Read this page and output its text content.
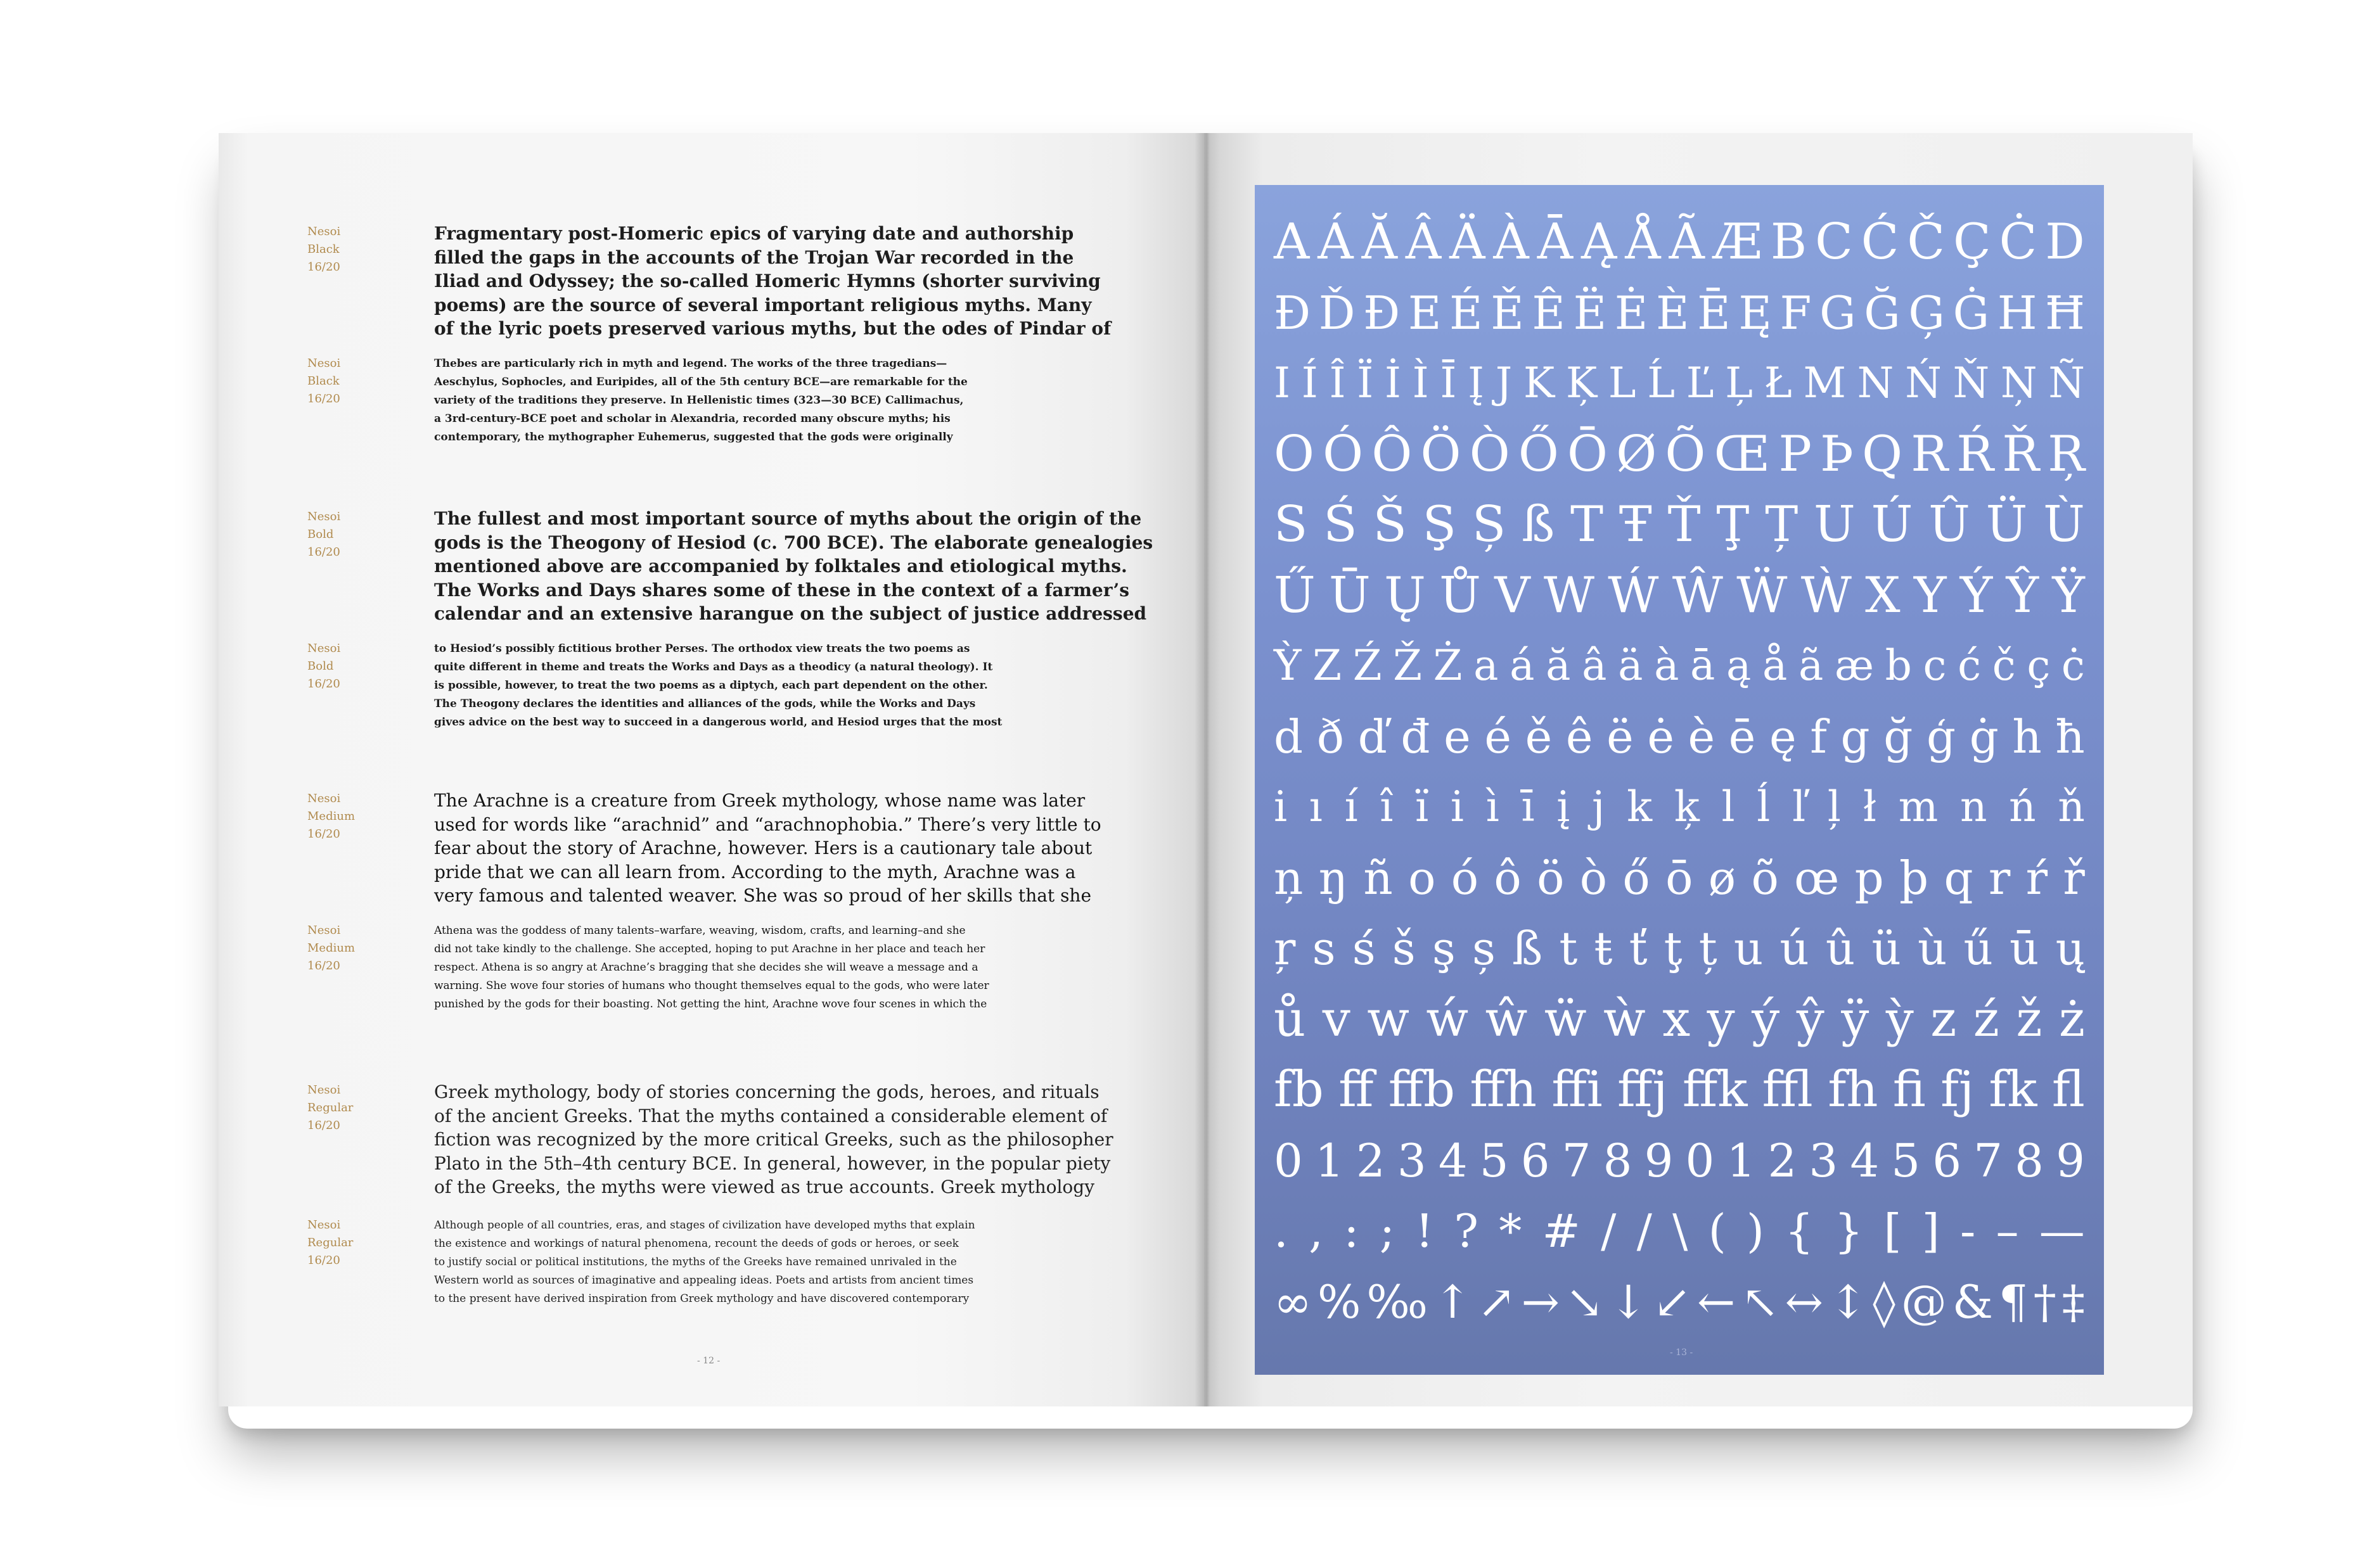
Nesoi
Black
16/20
Fragmentary post-Homeric epics of varying date and authorship
filled the gaps in the accounts of the Trojan War recorded in the
Iliad and Odyssey; the so-called Homeric Hymns (shorter surviving
poems) are the source of several important religious myths. Many
of the lyric poets preserved various myths, but the odes of Pindar of
Nesoi
Black
16/20
Thebes are particularly rich in myth and legend. The works of the three tragedians—
Aeschylus, Sophocles, and Euripides, all of the 5th century BCE—are remarkable for the
variety of the traditions they preserve. In Hellenistic times (323—30 BCE) Callimachus,
a 3rd-century-BCE poet and scholar in Alexandria, recorded many obscure myths; his
contemporary, the mythographer Euhemerus, suggested that the gods were originally
Nesoi
Bold
16/20
The fullest and most important source of myths about the origin of the
gods is the Theogony of Hesiod (c. 700 BCE). The elaborate genealogies
mentioned above are accompanied by folktales and etiological myths.
The Works and Days shares some of these in the context of a farmer’s
calendar and an extensive harangue on the subject of justice addressed
Nesoi
Bold
16/20
to Hesiod’s possibly fictitious brother Perses. The orthodox view treats the two poems as
quite different in theme and treats the Works and Days as a theodicy (a natural theology). It
is possible, however, to treat the two poems as a diptych, each part dependent on the other.
The Theogony declares the identities and alliances of the gods, while the Works and Days
gives advice on the best way to succeed in a dangerous world, and Hesiod urges that the most
Nesoi
Medium
16/20
The Arachne is a creature from Greek mythology, whose name was later
used for words like “arachnid” and “arachnophobia.” There’s very little to
fear about the story of Arachne, however. Hers is a cautionary tale about
pride that we can all learn from. According to the myth, Arachne was a
very famous and talented weaver. She was so proud of her skills that she
Nesoi
Medium
16/20
Athena was the goddess of many talents–warfare, weaving, wisdom, crafts, and learning–and she
did not take kindly to the challenge. She accepted, hoping to put Arachne in her place and teach her
respect. Athena is so angry at Arachne’s bragging that she decides she will weave a message and a
warning. She wove four stories of humans who thought themselves equal to the gods, who were later
punished by the gods for their boasting. Not getting the hint, Arachne wove four scenes in which the
Nesoi
Regular
16/20
Greek mythology, body of stories concerning the gods, heroes, and rituals
of the ancient Greeks. That the myths contained a considerable element of
fiction was recognized by the more critical Greeks, such as the philosopher
Plato in the 5th–4th century BCE. In general, however, in the popular piety
of the Greeks, the myths were viewed as true accounts. Greek mythology
Nesoi
Regular
16/20
Although people of all countries, eras, and stages of civilization have developed myths that explain
the existence and workings of natural phenomena, recount the deeds of gods or heroes, or seek
to justify social or political institutions, the myths of the Greeks have remained unrivaled in the
Western world as sources of imaginative and appealing ideas. Poets and artists from ancient times
to the present have derived inspiration from Greek mythology and have discovered contemporary
- 12 -
A Á Ă Â Ä À Ā Ą Å Ã Æ B C Ć Č Ç Ċ D
Đ Ď Đ E É Ě Ê Ë Ė È Ē Ę F G Ğ Ģ Ġ H Ħ
I Í Î Ï İ Ì Ī Į J K Ķ L Ĺ Ľ Ļ Ł M N Ń Ň Ņ Ñ
O Ó Ô Ö Ò Ő Ō Ø Õ Œ P Þ Q R Ŕ Ř Ŗ
S Ś Š Ş Ș ß T Ŧ Ť Ţ Ț U Ú Û Ü Ù
Ű Ū Ų Ů V W Ẃ Ŵ Ẅ Ẁ X Y Ý Ŷ Ÿ
Ỳ Z Ź Ž Ż a á ă â ä à ā ą å ã æ b c ć č ç ċ
d ð ď đ e é ě ê ë ė è ē ę f g ğ ģ ġ h ħ
i ı í î ï i ì ī į j k ķ l ĺ ľ ļ ł m n ń ň
ņ ŋ ñ o ó ô ö ò ő ō ø õ œ p þ q r ŕ ř
ŗ s ś š ş ș ß t ŧ ť ţ ț u ú û ü ù ű ū ų
ů v w ẃ ŵ ẅ ẁ x y ý ŷ ÿ ỳ z ź ž ż
fb ff ffb ffh ffi ffj ffk ffl fh fi fj fk fl
0 1 2 3 4 5 6 7 8 9 0 1 2 3 4 5 6 7 8 9
. , : ; ! ? * # / / \ ( ) { } [ ] - – —
∞ % ‰ ↑ ↗ → ↘ ↓ ↙ ← ↖ ↔ ↕ ◊ @ & ¶ † ‡
- 13 -
